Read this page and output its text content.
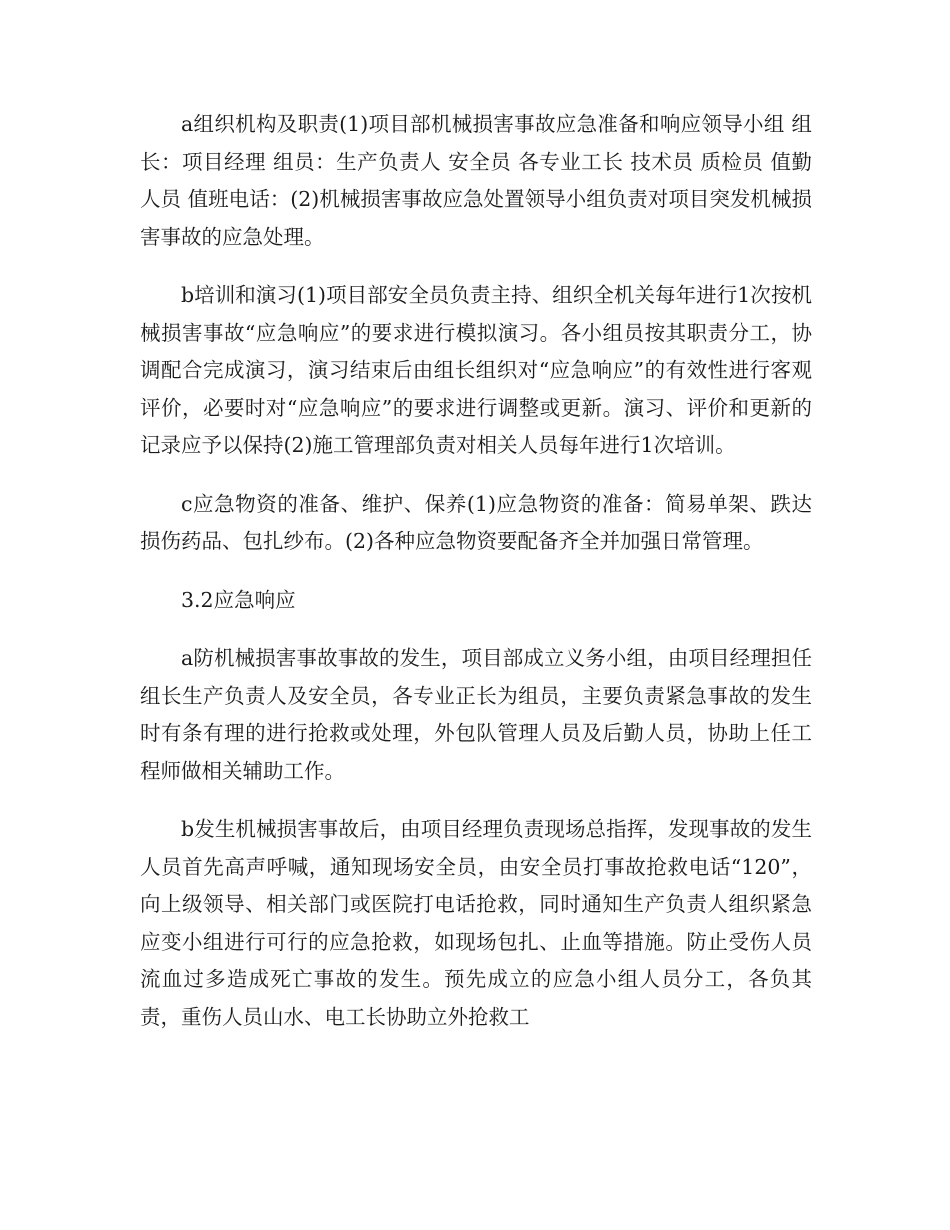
a组织机构及职责(1)项目部机械损害事故应急准备和响应领导小组 组长：项目经理 组员：生产负责人 安全员 各专业工长 技术员 质检员 值勤人员 值班电话：(2)机械损害事故应急处置领导小组负责对项目突发机械损害事故的应急处理。

b培训和演习(1)项目部安全员负责主持、组织全机关每年进行1次按机械损害事故“应急响应”的要求进行模拟演习。各小组员按其职责分工，协调配合完成演习，演习结束后由组长组织对“应急响应”的有效性进行客观评价，必要时对“应急响应”的要求进行调整或更新。演习、评价和更新的记录应予以保持(2)施工管理部负责对相关人员每年进行1次培训。

c应急物资的准备、维护、保养(1)应急物资的准备：简易单架、跌达损伤药品、包扎纱布。(2)各种应急物资要配备齐全并加强日常管理。

3.2应急响应

a防机械损害事故事故的发生，项目部成立义务小组，由项目经理担任组长生产负责人及安全员，各专业正长为组员，主要负责紧急事故的发生时有条有理的进行抢救或处理，外包队管理人员及后勤人员，协助上任工程师做相关辅助工作。

b发生机械损害事故后，由项目经理负责现场总指挥，发现事故的发生人员首先高声呼喊，通知现场安全员，由安全员打事故抢救电话“120”，向上级领导、相关部门或医院打电话抢救，同时通知生产负责人组织紧急应变小组进行可行的应急抢救，如现场包扎、止血等措施。防止受伤人员流血过多造成死亡事故的发生。预先成立的应急小组人员分工，各负其责，重伤人员山水、电工长协助立外抢救工
